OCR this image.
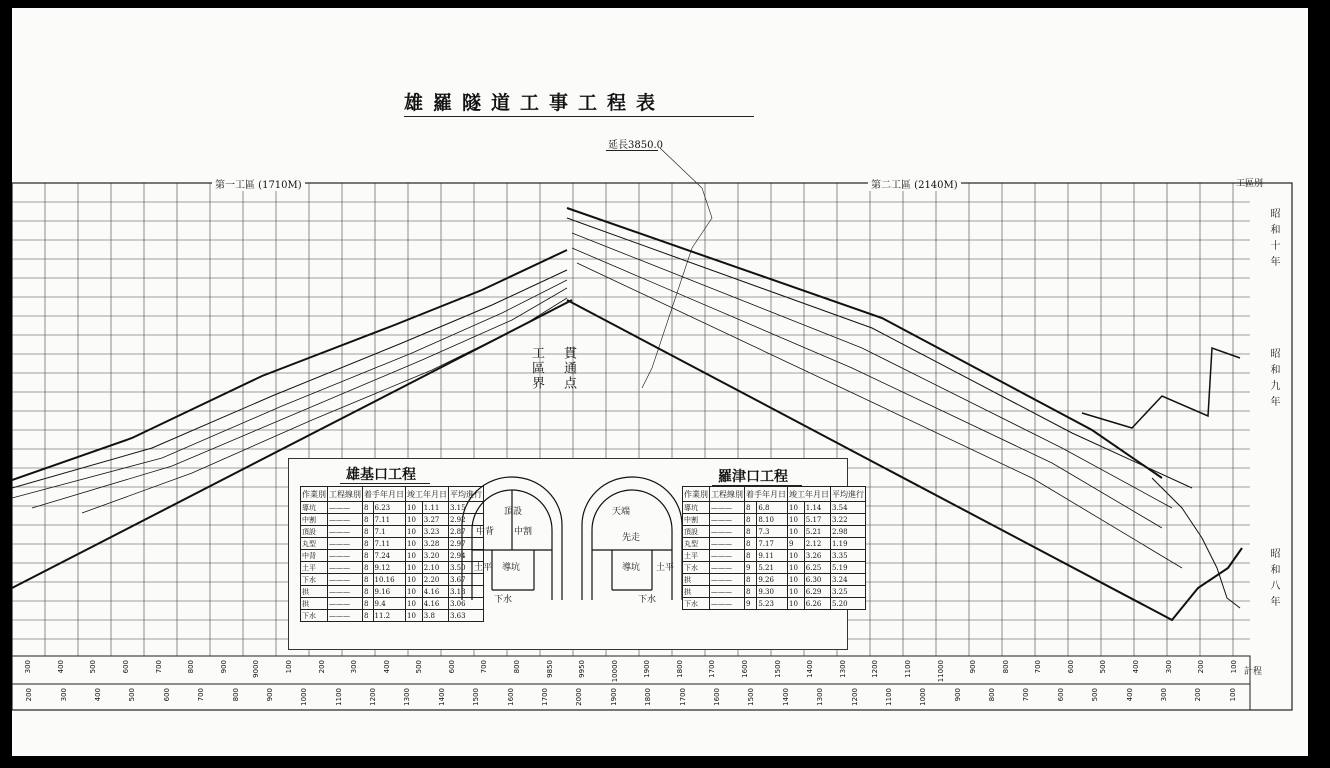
雄羅隧道工事工程表
延長3850.0
第一工區 (1710M)	第二工區 (2140M)	工區別
昭和十年
昭和九年
昭和八年
工區界 貫通点
雄基口工程	羅津口工程
作業別	工程線別	着手年月日		竣工年月日		平均進行
導坑	———	8	6.23	10	1.11	3.15
中割	———	8	7.11	10	3.27	2.92
頂設	———	8	7.1	10	3.23	2.87
丸型	———	8	7.11	10	3.28	2.97
中背	———	8	7.24	10	3.20	2.94
土平	———	8	9.12	10	2.10	3.50
下水	———	8	10.16	10	2.20	3.67
拱	———	8	9.16	10	4.16	3.13
拱	———	8	9.4	10	4.16	3.06
下水	———	8	11.2	10	3.8	3.63
作業別	工程線別	着手年月日		竣工年月日		平均進行
導坑	———	8	6.8	10	1.14	3.54
中割	———	8	8.10	10	5.17	3.22
頂設	———	8	7.3	10	5.21	2.98
丸型	———	8	7.17	9	2.12	1.19
土平	———	8	9.11	10	3.26	3.35
下水	———	9	5.21	10	6.25	5.19
拱	———	8	9.26	10	6.30	3.24
拱	———	8	9.30	10	6.29	3.25
下水	———	9	5.23	10	6.26	5.20
頂設
中割
中背
導坑
土平
下水
天端
先走
導坑 土平
下水
300	400	500	600	700	800	900	9000	100	200	300	400	500	600	700	800	9850	9950	10000	1900	1800	1700	1600	1500	1400	1300	1200	1100	11000	900	800	700	600	500	400	300	200	100
200	300	400	500	600	700	800	900	1000	1100	1200	1300	1400	1500	1600	1700	2000	1900	1800	1700	1600	1500	1400	1300	1200	1100	1000	900	800	700	600	500	400	300	200	100
計程
